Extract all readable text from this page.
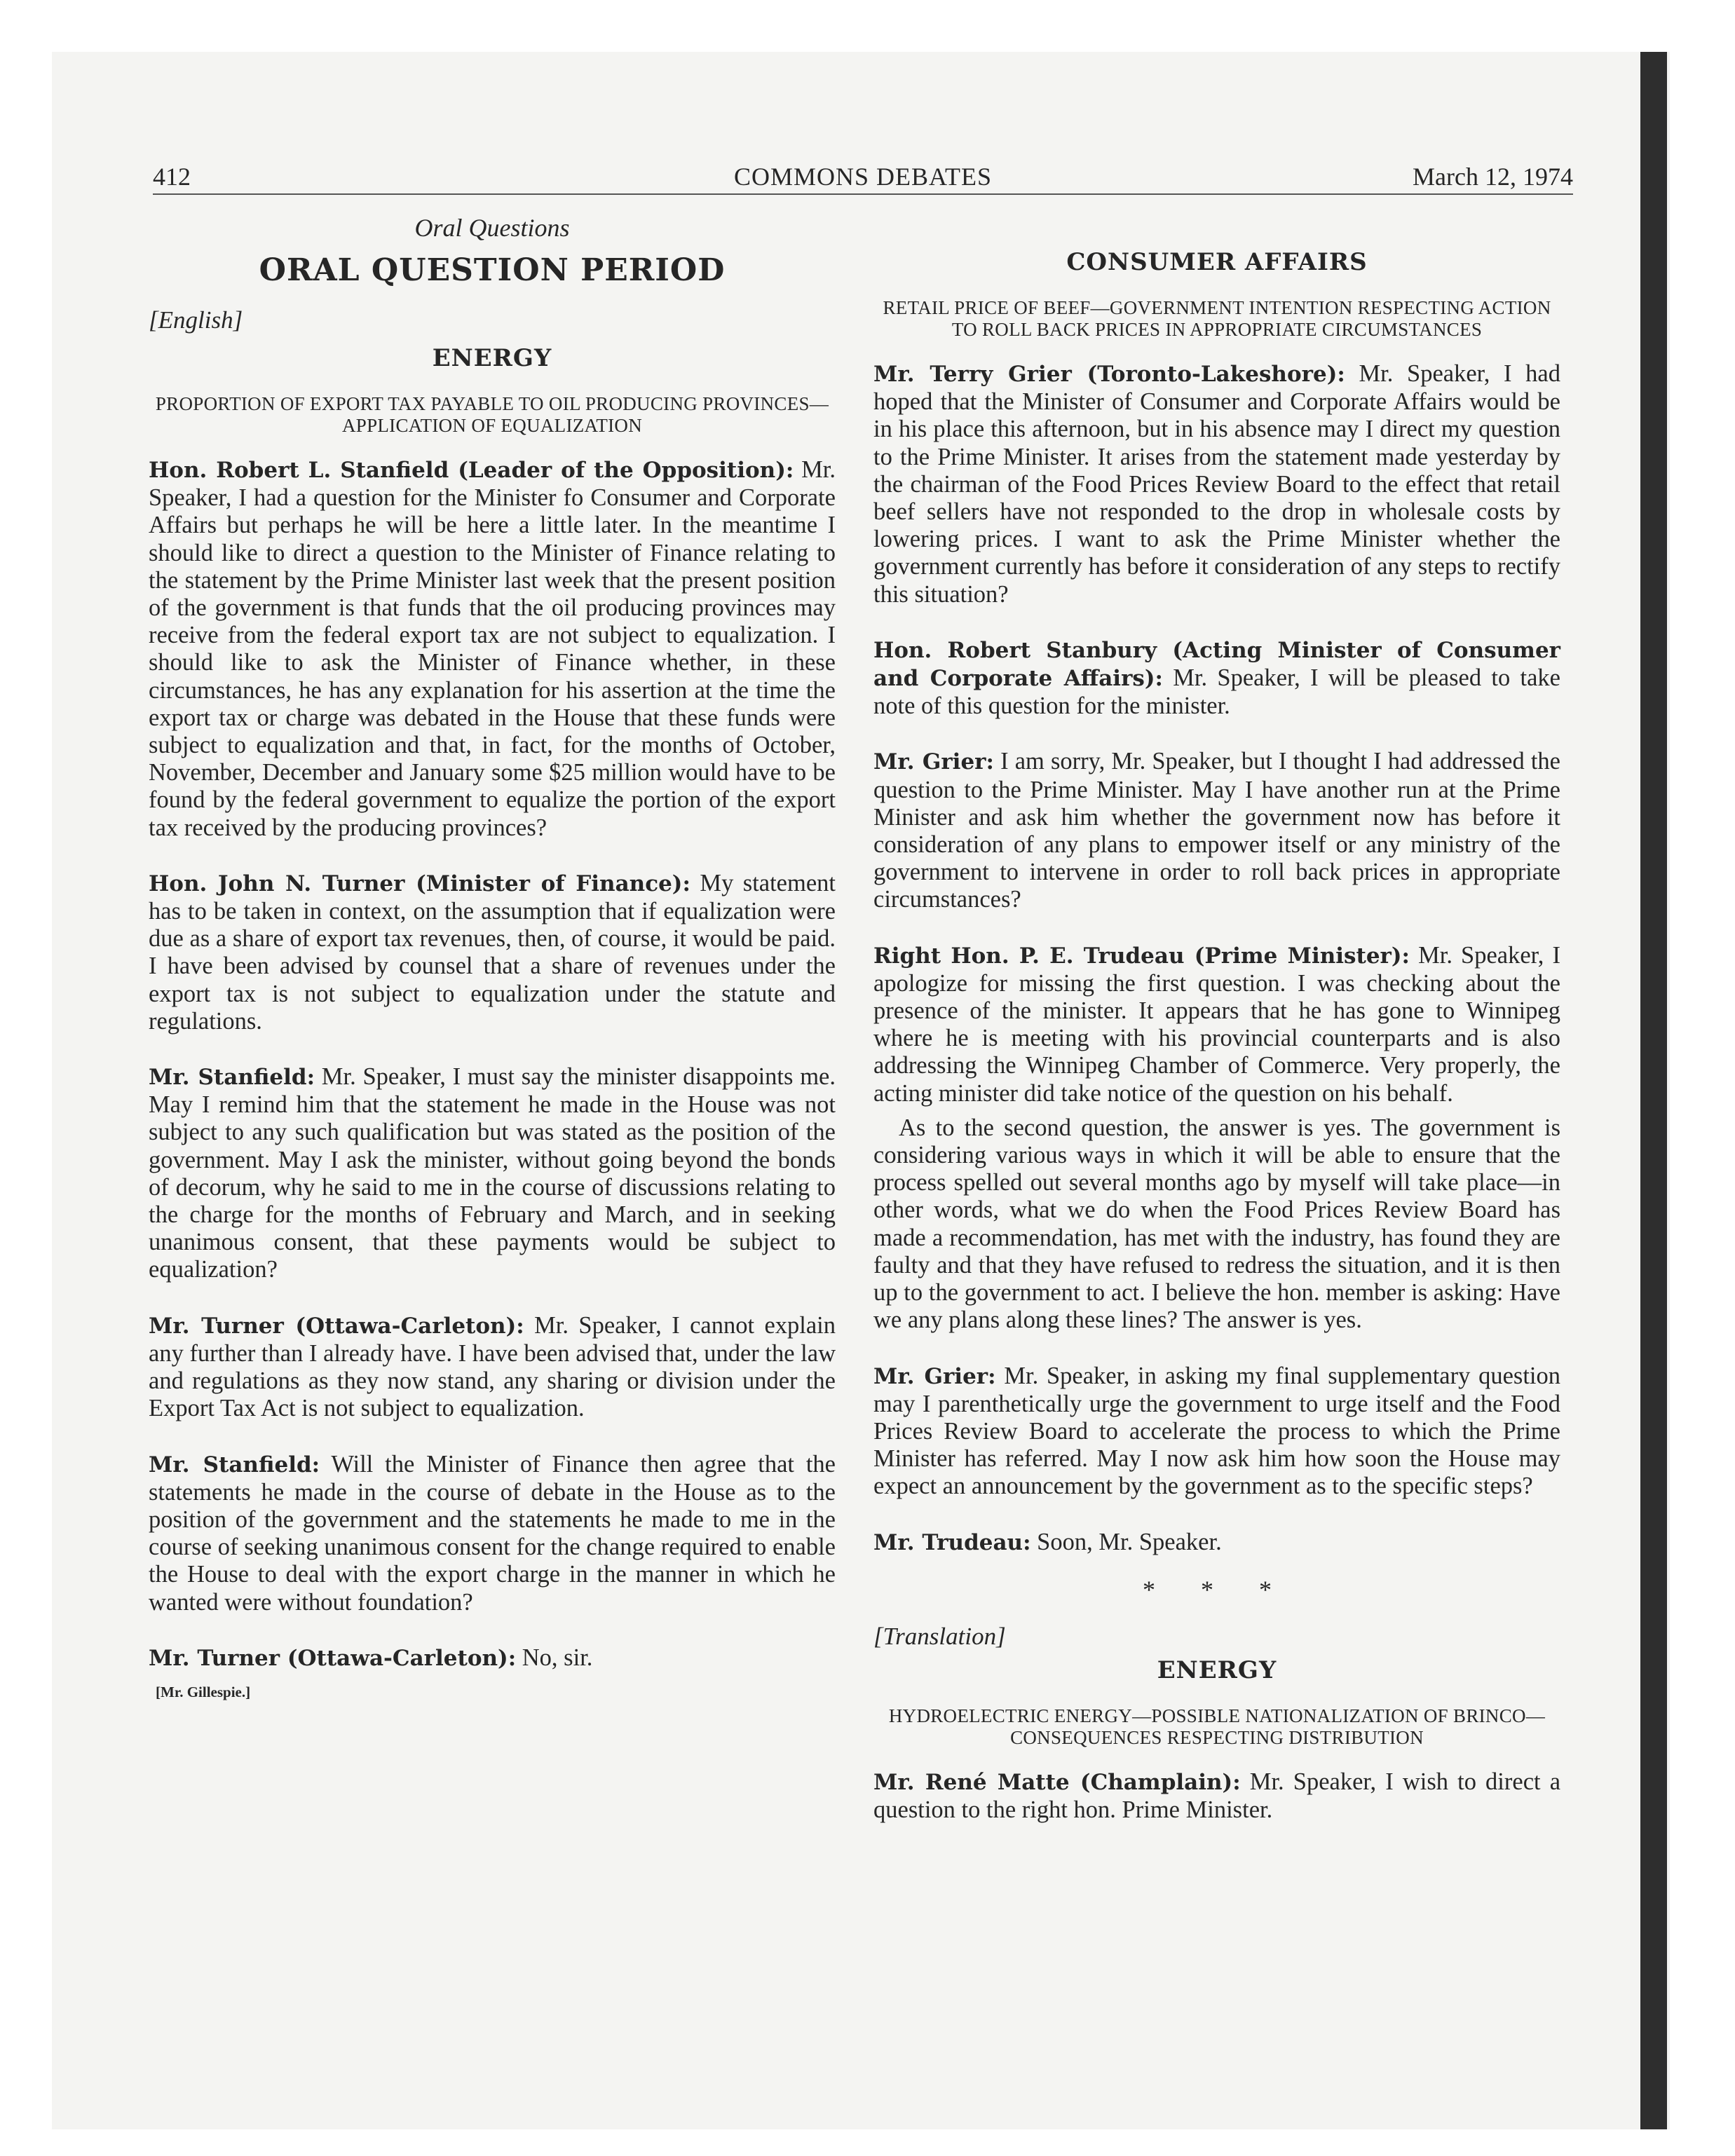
412	COMMONS DEBATES	March 12, 1974
Oral Questions
ORAL QUESTION PERIOD
[English]
ENERGY
PROPORTION OF EXPORT TAX PAYABLE TO OIL PRODUCING PROVINCES—APPLICATION OF EQUALIZATION

Hon. Robert L. Stanfield (Leader of the Opposition): Mr. Speaker, I had a question for the Minister fo Consumer and Corporate Affairs but perhaps he will be here a little later. In the meantime I should like to direct a question to the Minister of Finance relating to the statement by the Prime Minister last week that the present position of the government is that funds that the oil producing provinces may receive from the federal export tax are not subject to equalization. I should like to ask the Minister of Finance whether, in these circumstances, he has any explanation for his assertion at the time the export tax or charge was debated in the House that these funds were subject to equalization and that, in fact, for the months of October, November, December and January some $25 million would have to be found by the federal government to equalize the portion of the export tax received by the producing provinces?

Hon. John N. Turner (Minister of Finance): My statement has to be taken in context, on the assumption that if equalization were due as a share of export tax revenues, then, of course, it would be paid. I have been advised by counsel that a share of revenues under the export tax is not subject to equalization under the statute and regulations.

Mr. Stanfield: Mr. Speaker, I must say the minister disappoints me. May I remind him that the statement he made in the House was not subject to any such qualification but was stated as the position of the government. May I ask the minister, without going beyond the bonds of decorum, why he said to me in the course of discussions relating to the charge for the months of February and March, and in seeking unanimous consent, that these payments would be subject to equalization?

Mr. Turner (Ottawa-Carleton): Mr. Speaker, I cannot explain any further than I already have. I have been advised that, under the law and regulations as they now stand, any sharing or division under the Export Tax Act is not subject to equalization.

Mr. Stanfield: Will the Minister of Finance then agree that the statements he made in the course of debate in the House as to the position of the government and the statements he made to me in the course of seeking unanimous consent for the change required to enable the House to deal with the export charge in the manner in which he wanted were without foundation?

Mr. Turner (Ottawa-Carleton): No, sir.

[Mr. Gillespie.]
CONSUMER AFFAIRS
RETAIL PRICE OF BEEF—GOVERNMENT INTENTION RESPECTING ACTION TO ROLL BACK PRICES IN APPROPRIATE CIRCUMSTANCES

Mr. Terry Grier (Toronto-Lakeshore): Mr. Speaker, I had hoped that the Minister of Consumer and Corporate Affairs would be in his place this afternoon, but in his absence may I direct my question to the Prime Minister. It arises from the statement made yesterday by the chairman of the Food Prices Review Board to the effect that retail beef sellers have not responded to the drop in wholesale costs by lowering prices. I want to ask the Prime Minister whether the government currently has before it consideration of any steps to rectify this situation?

Hon. Robert Stanbury (Acting Minister of Consumer and Corporate Affairs): Mr. Speaker, I will be pleased to take note of this question for the minister.

Mr. Grier: I am sorry, Mr. Speaker, but I thought I had addressed the question to the Prime Minister. May I have another run at the Prime Minister and ask him whether the government now has before it consideration of any plans to empower itself or any ministry of the government to intervene in order to roll back prices in appropriate circumstances?

Right Hon. P. E. Trudeau (Prime Minister): Mr. Speaker, I apologize for missing the first question. I was checking about the presence of the minister. It appears that he has gone to Winnipeg where he is meeting with his provincial counterparts and is also addressing the Winnipeg Chamber of Commerce. Very properly, the acting minister did take notice of the question on his behalf.

As to the second question, the answer is yes. The government is considering various ways in which it will be able to ensure that the process spelled out several months ago by myself will take place—in other words, what we do when the Food Prices Review Board has made a recommendation, has met with the industry, has found they are faulty and that they have refused to redress the situation, and it is then up to the government to act. I believe the hon. member is asking: Have we any plans along these lines? The answer is yes.

Mr. Grier: Mr. Speaker, in asking my final supplementary question may I parenthetically urge the government to urge itself and the Food Prices Review Board to accelerate the process to which the Prime Minister has referred. May I now ask him how soon the House may expect an announcement by the government as to the specific steps?

Mr. Trudeau: Soon, Mr. Speaker.

* * *
[Translation]
ENERGY
HYDROELECTRIC ENERGY—POSSIBLE NATIONALIZATION OF BRINCO—CONSEQUENCES RESPECTING DISTRIBUTION

Mr. René Matte (Champlain): Mr. Speaker, I wish to direct a question to the right hon. Prime Minister.
